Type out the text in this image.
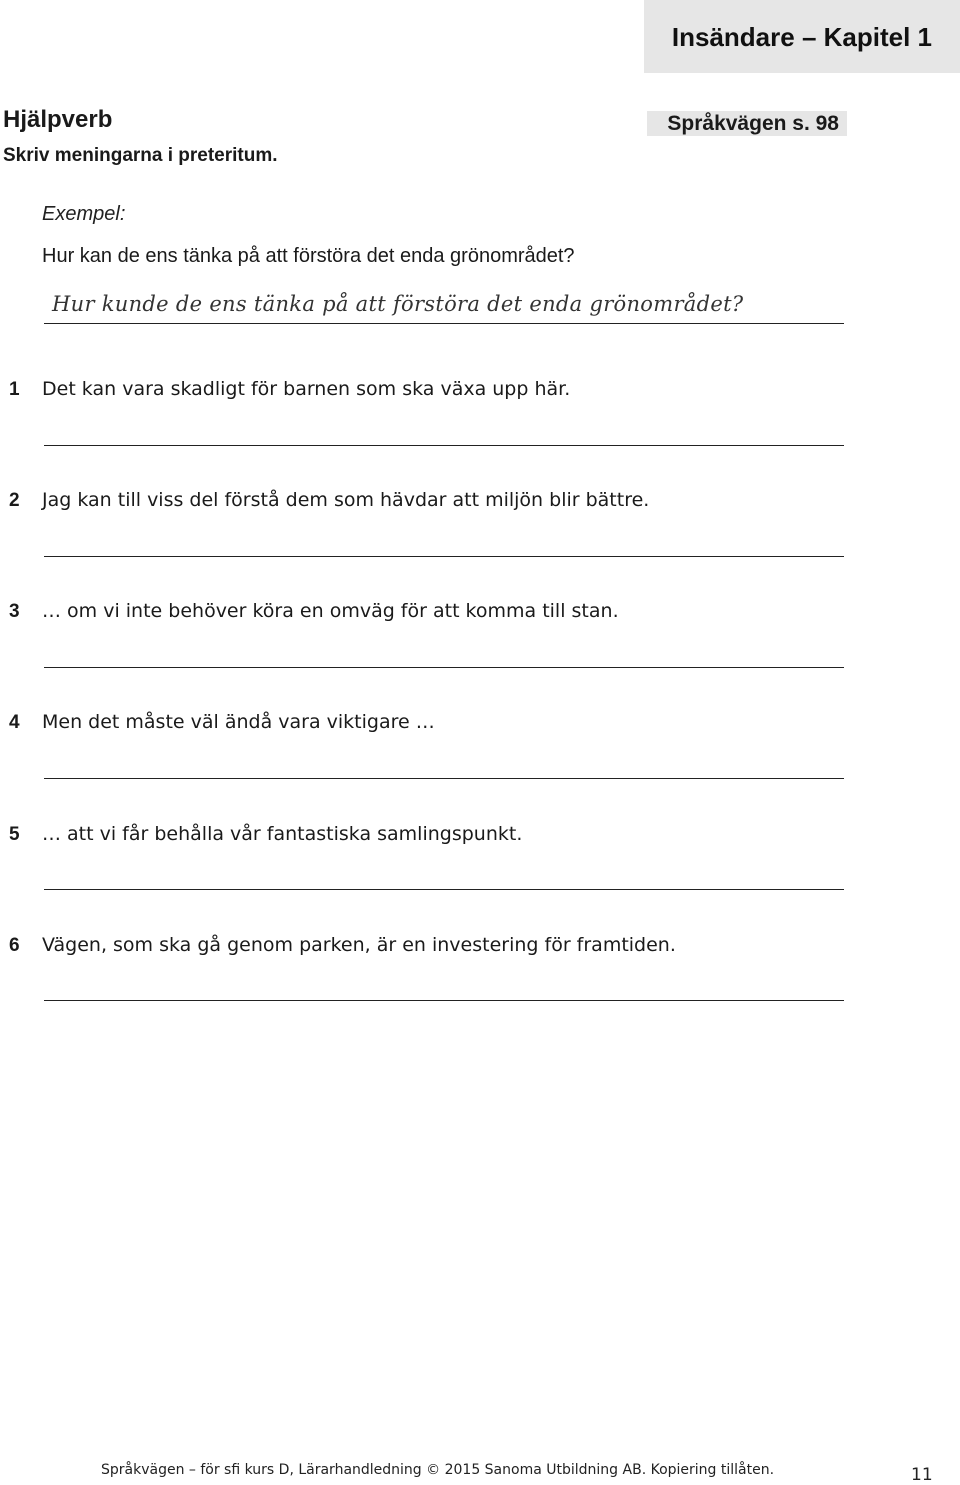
Insändare – Kapitel 1
Hjälpverb	Språkvägen s. 98
Skriv meningarna i preteritum.
Exempel:
Hur kan de ens tänka på att förstöra det enda grönområdet?
Hur kunde de ens tänka på att förstöra det enda grönområdet?
1 Det kan vara skadligt för barnen som ska växa upp här.
2 Jag kan till viss del förstå dem som hävdar att miljön blir bättre.
3 … om vi inte behöver köra en omväg för att komma till stan.
4 Men det måste väl ändå vara viktigare …
5 … att vi får behålla vår fantastiska samlingspunkt.
6 Vägen, som ska gå genom parken, är en investering för framtiden.
Språkvägen – för sfi kurs D, Lärarhandledning © 2015 Sanoma Utbildning AB. Kopiering tillåten.	11
